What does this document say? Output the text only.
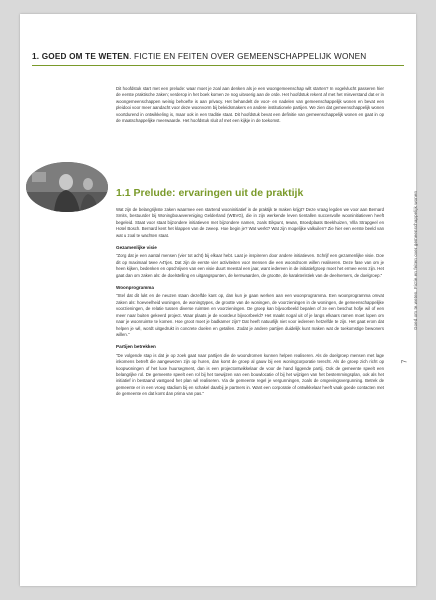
1. GOED OM TE WETEN. FICTIE EN FEITEN OVER GEMEENSCHAPPELIJK WONEN

Dit hoofdstuk start met een prelude: waar moet je zoal aan denken als je een woongemeenschap wilt starten? In vogelvlucht passeren hier de eerste praktische zaken; verderop in het boek komen ze nog uitvoerig aan de orde. Het hoofdstuk rekent af met het misverstand dat er in woongemeenschappen weinig behoefte is aan privacy. Het behandelt de voor- en nadelen van gemeenschappelijk wonen en bevat een pleidooi voor meer aandacht voor deze woonvorm bij beleidsmakers en andere institutionele partijen. We zien dat gemeenschappelijk wonen voortdurend in ontwikkeling is, maar ook in een traditie staat. Dit hoofdstuk bevat een definitie van gemeenschappelijk wonen en gaat in op de maatschappelijke meerwaarde. Het hoofdstuk sluit af met een kijkje in de toekomst.

1.1 Prelude: ervaringen uit de praktijk

Wat zijn de belangrijkste zaken waarmee een startend wooninitiatief in de praktijk te maken krijgt? Deze vraag legden we voor aan Bernard Smits, bestuurder bij Woningbouwvereniging Gelderland (WBVG), die in zijn werkende leven tientallen succesvolle wooninitiatieven heeft begeleid. Staat voor staat bijzondere initiatieven met bijzondere namen, zoals Eikpunt, Iewan, Broedplaats Beekhuizen, Villa Strapgeel en Hotel Bosch. Bernard kent het klappen van de zweep. Hoe begin je? Wat werkt? Wat zijn mogelijke valkuilen? Zie hier een eerste beeld van wat u zoal te wachten staat.

Gezamenlijke visie

"Zorg dat je een aantal mensen (vier tot acht) bij elkaar hebt. Laat je inspireren door andere initiatieven. Schrijf een gezamenlijke visie. Doe dit op maximaal twee A4'tjes. Dat zijn de eerste vier activiteiten voor mensen die een woondroom willen realiseren. Deze fase van om je heen kijken, bedenken en opschrijven van een visie duurt meestal een jaar, want iedereen in de initiatiefgroep moet het ermee eens zijn. Het gaat dan om zaken als: de doelstelling en uitgangspunten, de kernwaarden, de grootte, de karakteristiek van de deelnemers, de doelgroep."

Woonprogramma

"Stel dat dit lukt en de neuzen staan dezelfde kant op, dan kun je gaan werken aan een woonprogramma. Een woonprogramma omvat zaken als: hoeveelheid woningen, de woningtypes, de grootte van de woningen, de voorzieningen in de woningen, de gemeenschappelijke voorzieningen, de relatie tussen diverse ruimten en voorzieningen. De groep kan bijvoorbeeld bepalen of ze een beschut hofje wil of een meer naar buiten gekeerd project. Waar plaats je de voordeur bijvoorbeeld? Het maakt nogal uit of je langs elkaars ramen moet lopen om naar je woonruimte te komen. Hoe groot moet je badkamer zijn? Dat heeft natuurlijk niet voor iedereen hetzelfde te zijn. Het gaat erom dat helpen je wil, wordt uitgedrukt in concrete doelen en getallen. Zodat je andere partijen duidelijk kunt maken wat de toekomstige bewoners willen."

Partijen betrekken

"De volgende stap is dat je op zoek gaat naar partijen die de woondromen kunnen helpen realiseren. Als de doelgroep mensen met lage inkomens betreft die aangewezen zijn op huren, dan komt de groep al gauw bij een woningcorporatie terecht. Als de groep zich richt op koopwoningen of het luxe huursegment, dan is een projectontwikkelaar de voor de hand liggende partij. Ook de gemeente speelt een belangrijke rol. De gemeente speelt een rol bij het toewijzen van een bouwlocatie of bij het wijzigen van het bestemmingsplan, ook als het initiatief in bestaand vastgoed het plan wil realiseren. Via de gemeente regel je vergunningen, zoals de omgevingsvergunning. Betrek de gemeente er in een vroeg stadium bij en schakel daarbij je partners in. Want een corporatie of ontwikkelaar heeft vaak goede contacten met de gemeente en dat komt dan prima van pas."

Goed om te weten. Fictie en feiten over gemeenschappelijk wonen
7
